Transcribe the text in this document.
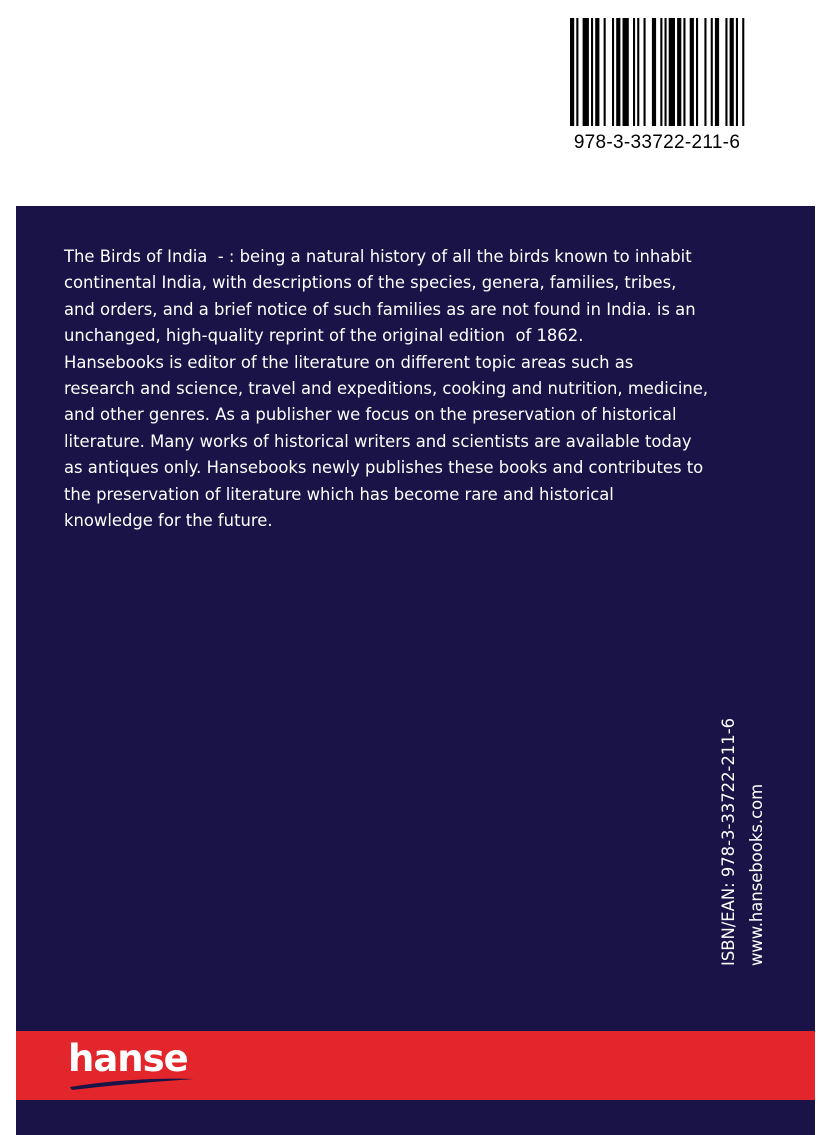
978-3-33722-211-6

The Birds of India  - : being a natural history of all the birds known to inhabit
continental India, with descriptions of the species, genera, families, tribes,
and orders, and a brief notice of such families as are not found in India. is an
unchanged, high-quality reprint of the original edition  of 1862.
Hansebooks is editor of the literature on different topic areas such as
research and science, travel and expeditions, cooking and nutrition, medicine,
and other genres. As a publisher we focus on the preservation of historical
literature. Many works of historical writers and scientists are available today
as antiques only. Hansebooks newly publishes these books and contributes to
the preservation of literature which has become rare and historical
knowledge for the future.

ISBN/EAN: 978-3-33722-211-6 www.hansebooks.com
hanse
